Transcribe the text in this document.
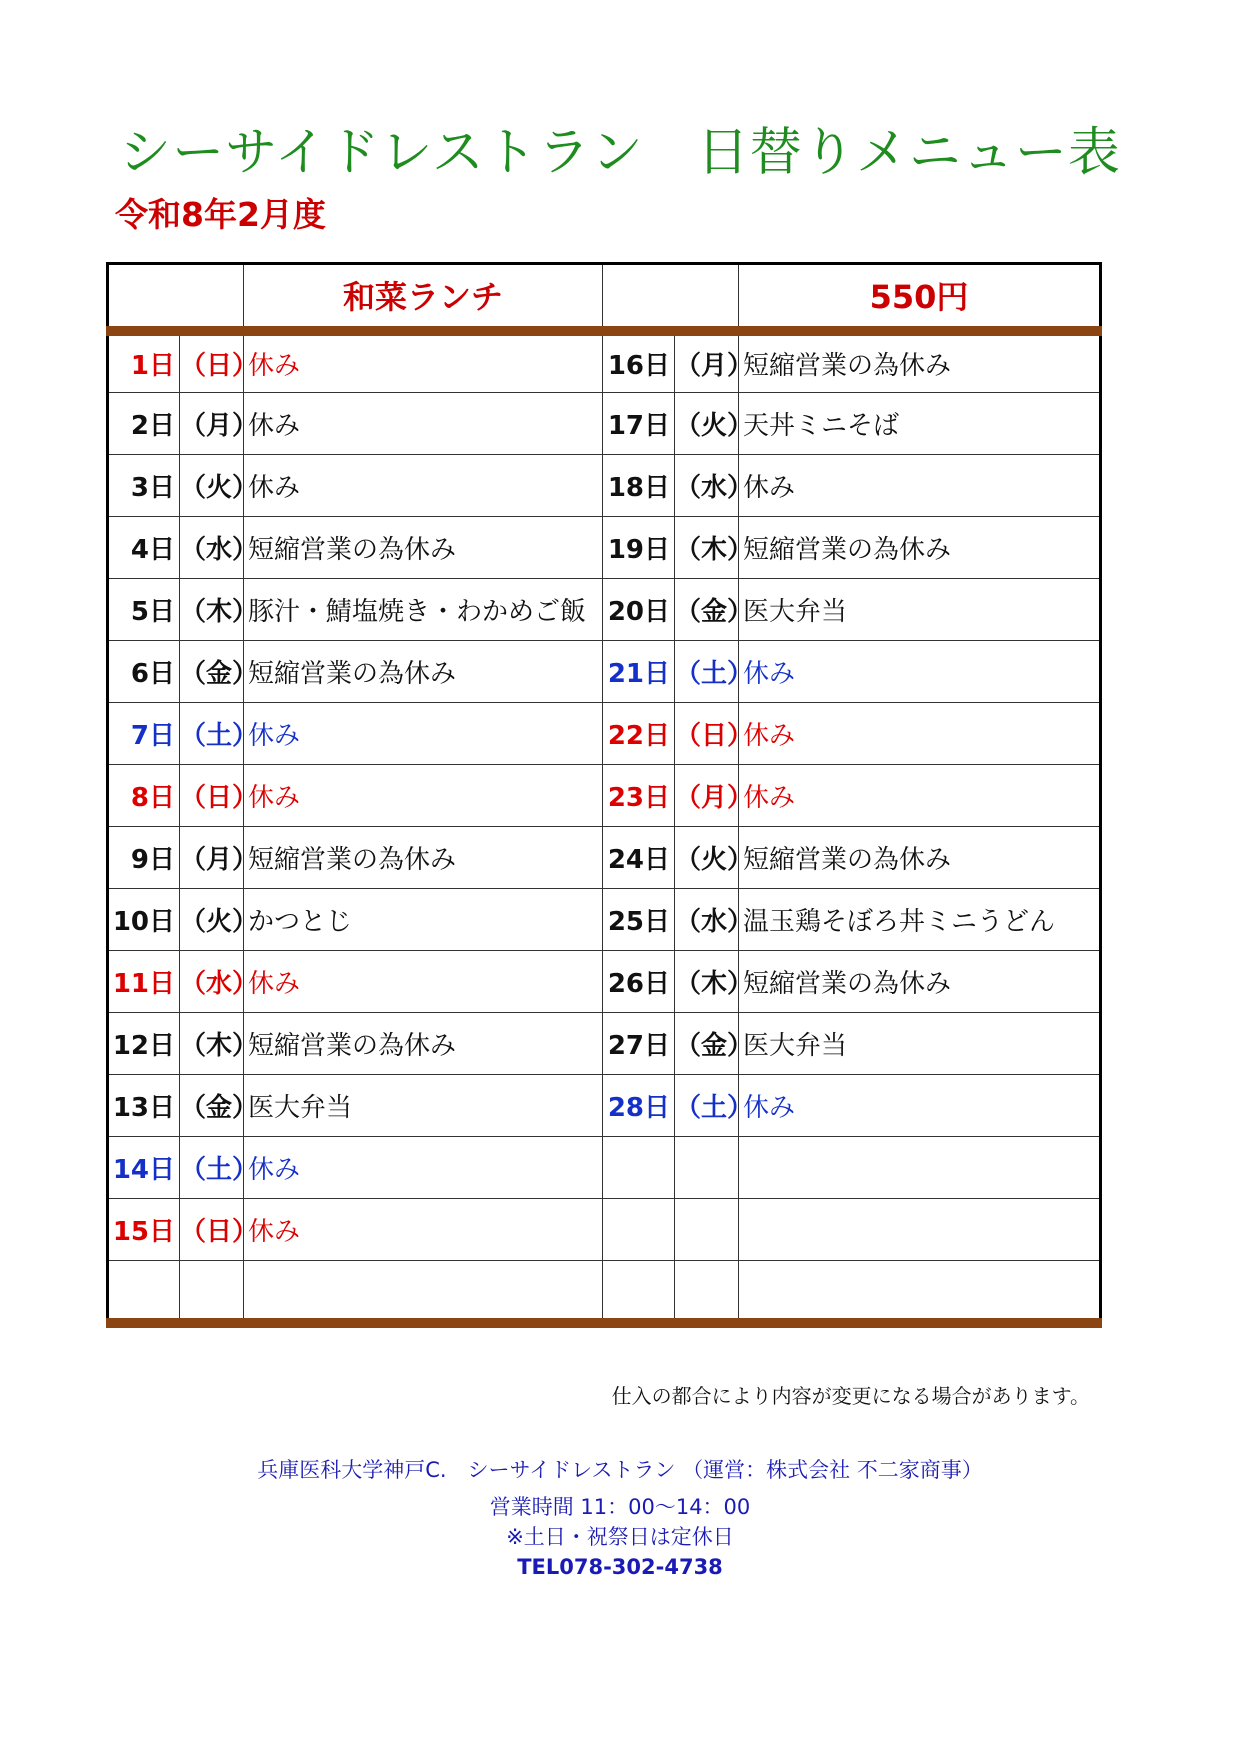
シーサイドレストラン　日替りメニュー表
令和8年2月度
		和菜ランチ			550円
1日	（日）	休み	16日	（月）	短縮営業の為休み
2日	（月）	休み	17日	（火）	天丼ミニそば
3日	（火）	休み	18日	（水）	休み
4日	（水）	短縮営業の為休み	19日	（木）	短縮営業の為休み
5日	（木）	豚汁・鯖塩焼き・わかめご飯	20日	（金）	医大弁当
6日	（金）	短縮営業の為休み	21日	（土）	休み
7日	（土）	休み	22日	（日）	休み
8日	（日）	休み	23日	（月）	休み
9日	（月）	短縮営業の為休み	24日	（火）	短縮営業の為休み
10日	（火）	かつとじ	25日	（水）	温玉鶏そぼろ丼ミニうどん
11日	（水）	休み	26日	（木）	短縮営業の為休み
12日	（木）	短縮営業の為休み	27日	（金）	医大弁当
13日	（金）	医大弁当	28日	（土）	休み
14日	（土）	休み			
15日	（日）	休み			

仕入の都合により内容が変更になる場合があります。
兵庫医科大学神戸C.　シーサイドレストラン （運営：株式会社 不二家商事）
営業時間 11：00～14：00
※土日・祝祭日は定休日
TEL078-302-4738
